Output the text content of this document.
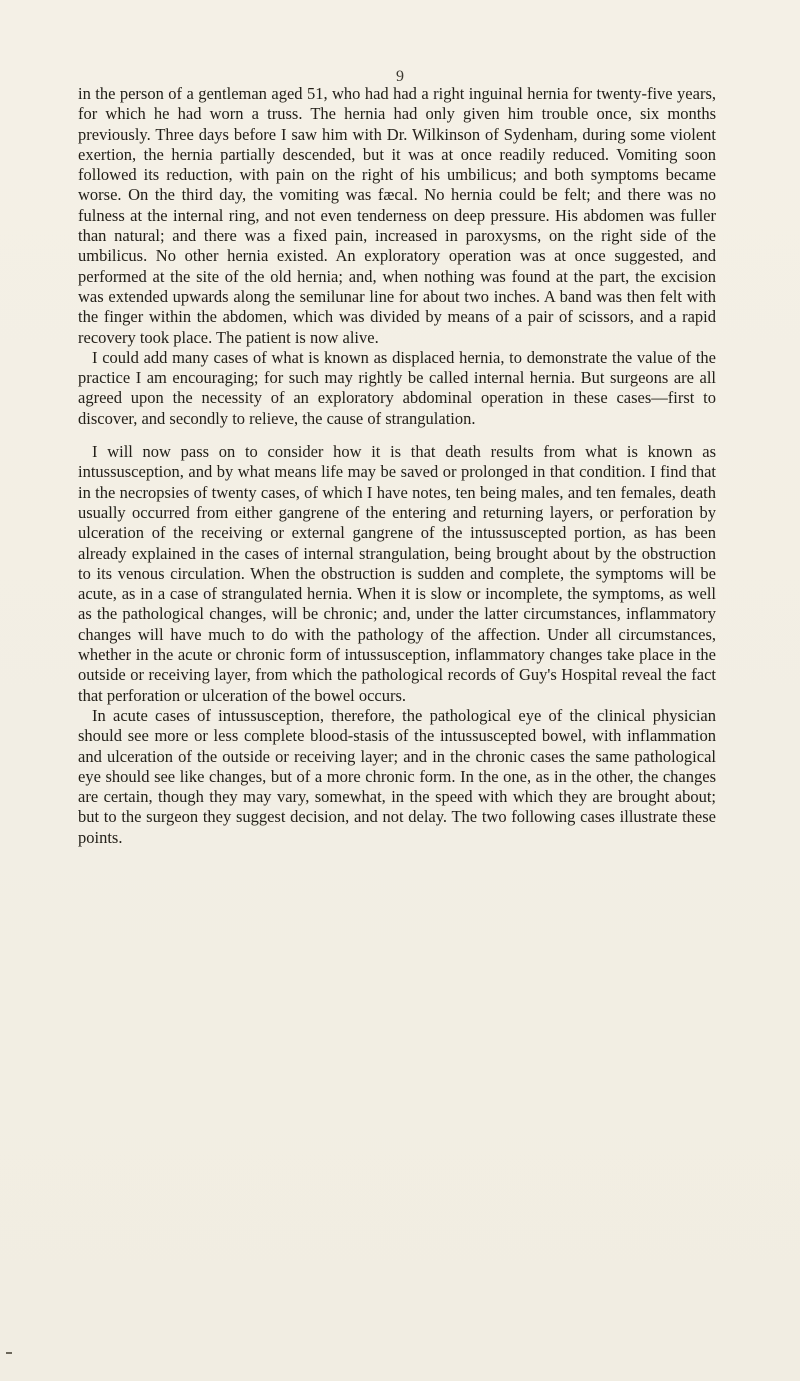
9

in the person of a gentleman aged 51, who had had a right inguinal hernia for twenty-five years, for which he had worn a truss. The hernia had only given him trouble once, six months previously. Three days before I saw him with Dr. Wilkinson of Sydenham, during some violent exertion, the hernia partially descended, but it was at once readily reduced. Vomiting soon followed its reduction, with pain on the right of his umbilicus; and both symptoms became worse. On the third day, the vomiting was fæcal. No hernia could be felt; and there was no fulness at the internal ring, and not even tenderness on deep pressure. His abdomen was fuller than natural; and there was a fixed pain, increased in paroxysms, on the right side of the umbilicus. No other hernia existed. An exploratory operation was at once suggested, and performed at the site of the old hernia; and, when nothing was found at the part, the excision was extended upwards along the semilunar line for about two inches. A band was then felt with the finger within the abdomen, which was divided by means of a pair of scissors, and a rapid recovery took place. The patient is now alive.

I could add many cases of what is known as displaced hernia, to demonstrate the value of the practice I am encouraging; for such may rightly be called internal hernia. But surgeons are all agreed upon the necessity of an exploratory abdominal operation in these cases—first to discover, and secondly to relieve, the cause of strangulation.

I will now pass on to consider how it is that death results from what is known as intussusception, and by what means life may be saved or prolonged in that condition. I find that in the necropsies of twenty cases, of which I have notes, ten being males, and ten females, death usually occurred from either gangrene of the entering and returning layers, or perforation by ulceration of the receiving or external gangrene of the intussuscepted portion, as has been already explained in the cases of internal strangulation, being brought about by the obstruction to its venous circulation. When the obstruction is sudden and complete, the symptoms will be acute, as in a case of strangulated hernia. When it is slow or incomplete, the symptoms, as well as the pathological changes, will be chronic; and, under the latter circumstances, inflammatory changes will have much to do with the pathology of the affection. Under all circumstances, whether in the acute or chronic form of intussusception, inflammatory changes take place in the outside or receiving layer, from which the pathological records of Guy's Hospital reveal the fact that perforation or ulceration of the bowel occurs.

In acute cases of intussusception, therefore, the pathological eye of the clinical physician should see more or less complete blood-stasis of the intussuscepted bowel, with inflammation and ulceration of the outside or receiving layer; and in the chronic cases the same pathological eye should see like changes, but of a more chronic form. In the one, as in the other, the changes are certain, though they may vary, somewhat, in the speed with which they are brought about; but to the surgeon they suggest decision, and not delay. The two following cases illustrate these points.
